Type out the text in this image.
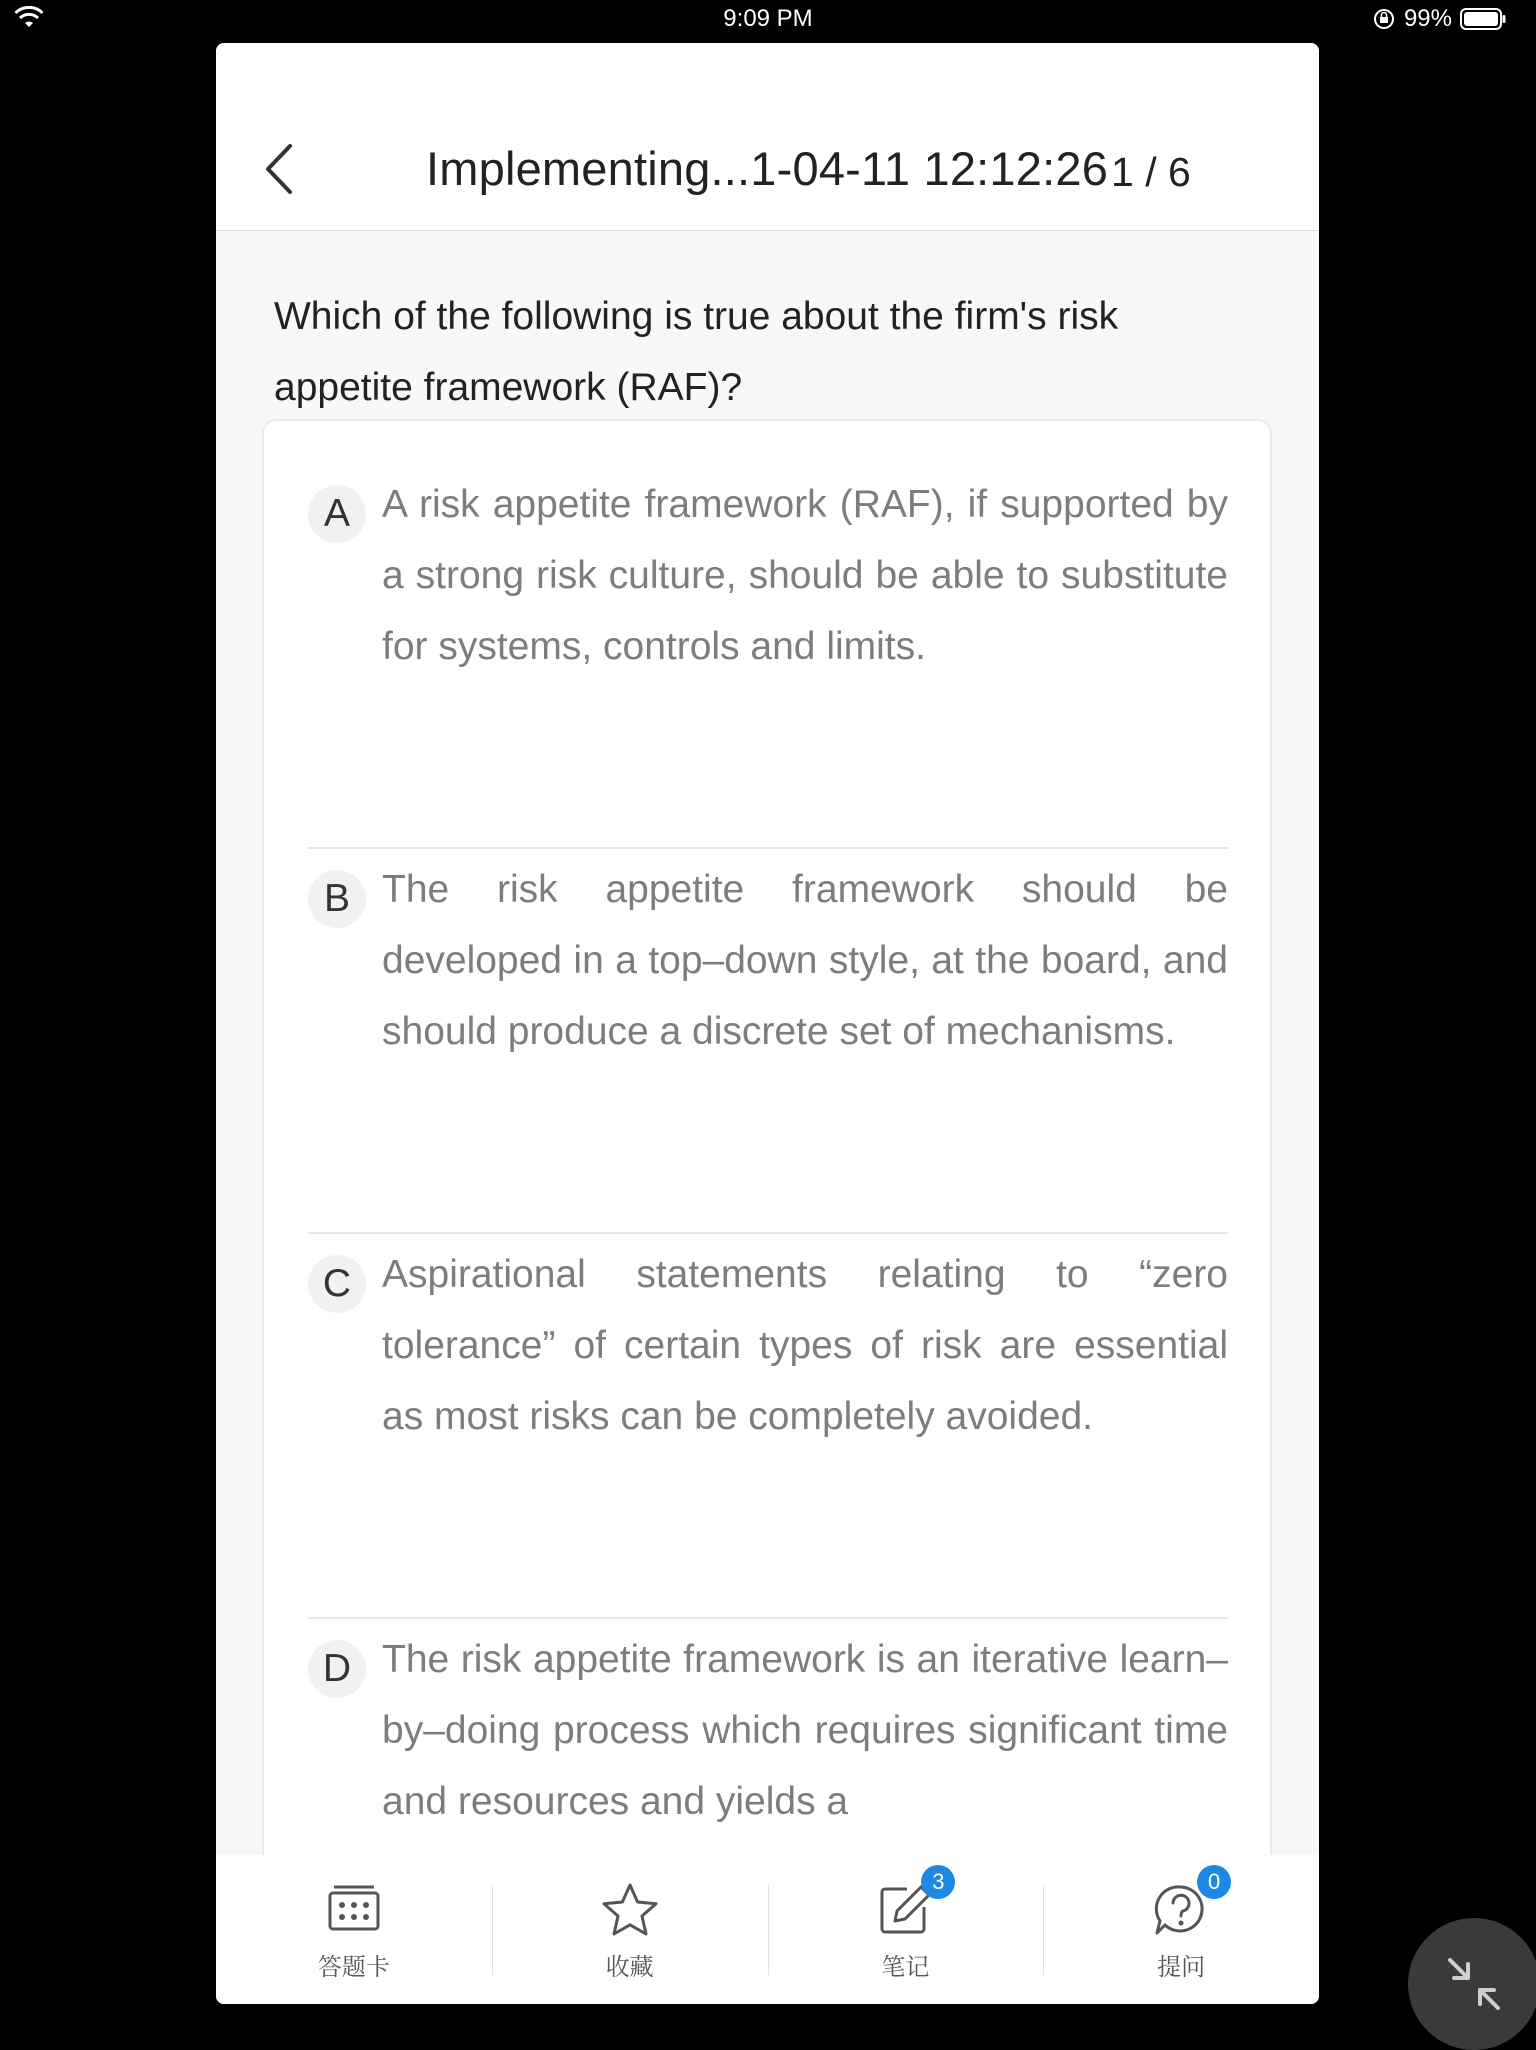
9:09 PM	99%
Implementing...1-04-11 12:12:26 1 / 6
Which of the following is true about the firm's risk appetite framework (RAF)?
A A risk appetite framework (RAF), if supported by a strong risk culture, should be able to substitute for systems, controls and limits.
B The risk appetite framework should be developed in a top–down style, at the board, and should produce a discrete set of mechanisms.
C Aspirational statements relating to “zero tolerance” of certain types of risk are essential as most risks can be completely avoided.
D The risk appetite framework is an iterative learn–by–doing process which requires significant time and resources and yields a
答题卡	收藏
3
笔记
0
提问
